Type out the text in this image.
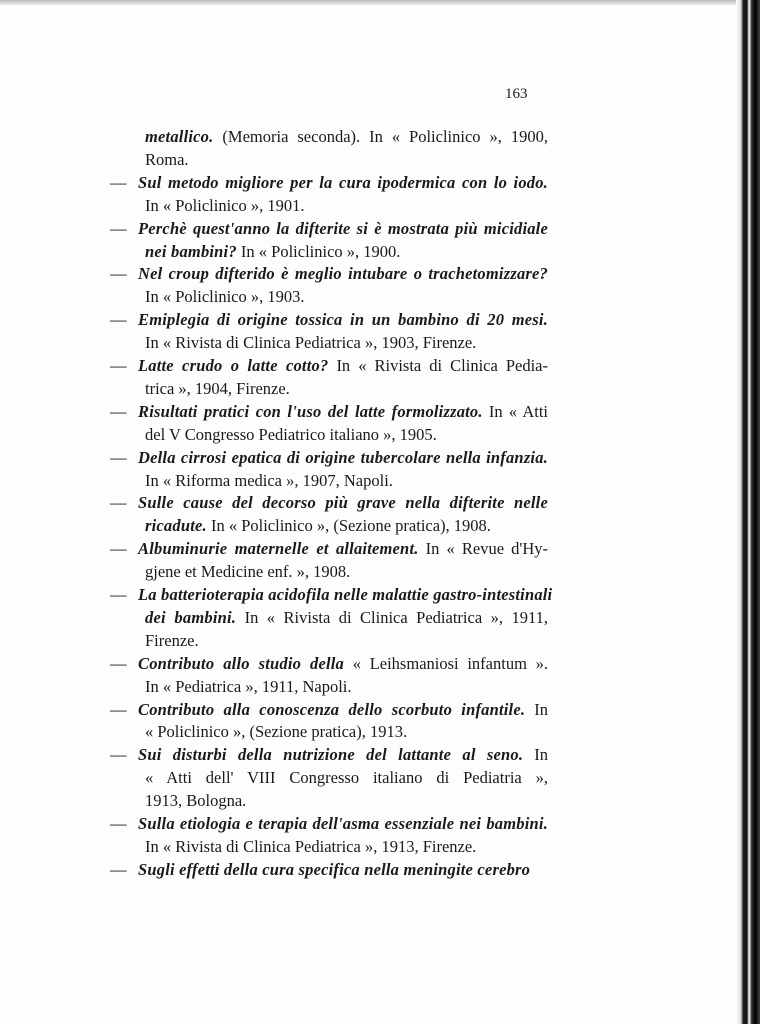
163
metallico. (Memoria seconda). In « Policlinico », 1900,
Roma.
— Sul metodo migliore per la cura ipodermica con lo iodo.
In « Policlinico », 1901.
— Perchè quest'anno la difterite si è mostrata più micidiale
nei bambini? In « Policlinico », 1900.
— Nel croup difterido è meglio intubare o trachetomizzare?
In « Policlinico », 1903.
— Emiplegia di origine tossica in un bambino di 20 mesi.
In « Rivista di Clinica Pediatrica », 1903, Firenze.
— Latte crudo o latte cotto? In « Rivista di Clinica Pedia-
trica », 1904, Firenze.
— Risultati pratici con l'uso del latte formolizzato. In « Atti
del V Congresso Pediatrico italiano », 1905.
— Della cirrosi epatica di origine tubercolare nella infanzia.
In « Riforma medica », 1907, Napoli.
— Sulle cause del decorso più grave nella difterite nelle
ricadute. In « Policlinico », (Sezione pratica), 1908.
— Albuminurie maternelle et allaitement. In « Revue d'Hy-
gjene et Medicine enf. », 1908.
— La batterioterapia acidofila nelle malattie gastro-intestinali
dei bambini. In « Rivista di Clinica Pediatrica », 1911,
Firenze.
— Contributo allo studio della « Leihsmaniosi infantum ».
In « Pediatrica », 1911, Napoli.
— Contributo alla conoscenza dello scorbuto infantile. In
« Policlinico », (Sezione pratica), 1913.
— Sui disturbi della nutrizione del lattante al seno. In
« Atti dell' VIII Congresso italiano di Pediatria »,
1913, Bologna.
— Sulla etiologia e terapia dell'asma essenziale nei bambini.
In « Rivista di Clinica Pediatrica », 1913, Firenze.
— Sugli effetti della cura specifica nella meningite cerebro
